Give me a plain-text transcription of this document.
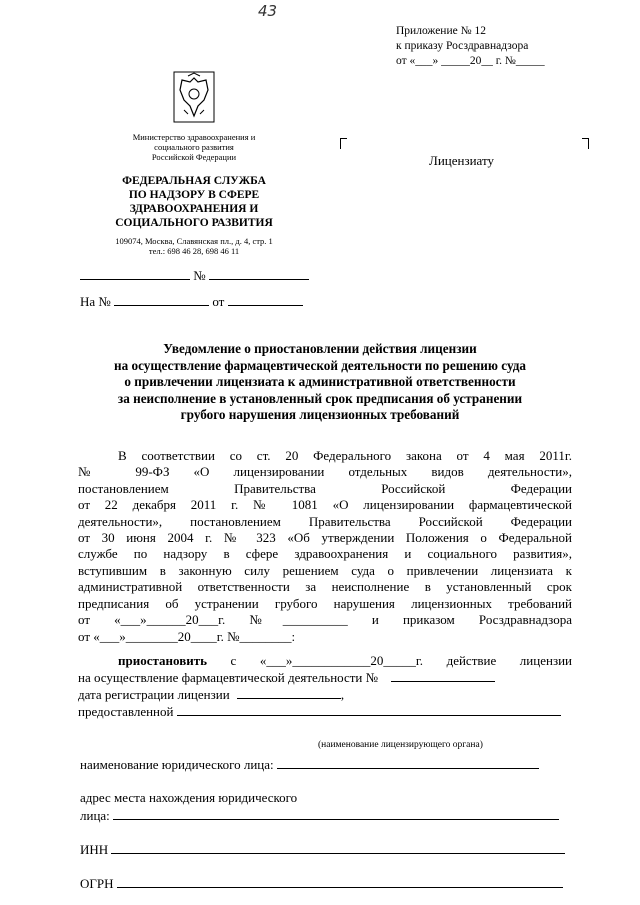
43
Приложение № 12
к приказу Росздравнадзора
от «___» _____20__ г. №_____
Министерство здравоохранения и
социального развития
Российской Федерации	Лицензиату
ФЕДЕРАЛЬНАЯ СЛУЖБА
ПО НАДЗОРУ В СФЕРЕ
ЗДРАВООХРАНЕНИЯ И
СОЦИАЛЬНОГО РАЗВИТИЯ
109074, Москва, Славянская пл., д. 4, стр. 1
тел.: 698 46 28, 698 46 11
№
На №	от
Уведомление о приостановлении действия лицензии
на осуществление фармацевтической деятельности по решению суда
о привлечении лицензиата к административной ответственности
за неисполнение в установленный срок предписания об устранении
грубого нарушения лицензионных требований
В соответствии со ст. 20 Федерального закона от 4 мая 2011г.
№ 99-ФЗ «О лицензировании отдельных видов деятельности»,
постановлением Правительства Российской Федерации
от 22 декабря 2011 г. № 1081 «О лицензировании фармацевтической
деятельности», постановлением Правительства Российской Федерации
от 30 июня 2004 г. № 323 «Об утверждении Положения о Федеральной
службе по надзору в сфере здравоохранения и социального развития»,
вступившим в законную силу решением суда о привлечении лицензиата к
административной ответственности за неисполнение в установленный срок
предписания об устранении грубого нарушения лицензионных требований
от «___»______20___г. №__________ и приказом Росздравнадзора
от «___»________20____г. №________:
приостановить с «___»____________20_____г. действие лицензии
на осуществление фармацевтической деятельности №
дата регистрации лицензии	,
предоставленной
(наименование лицензирующего органа)
наименование юридического лица:
адрес места нахождения юридического
лица:
ИНН
ОГРН
